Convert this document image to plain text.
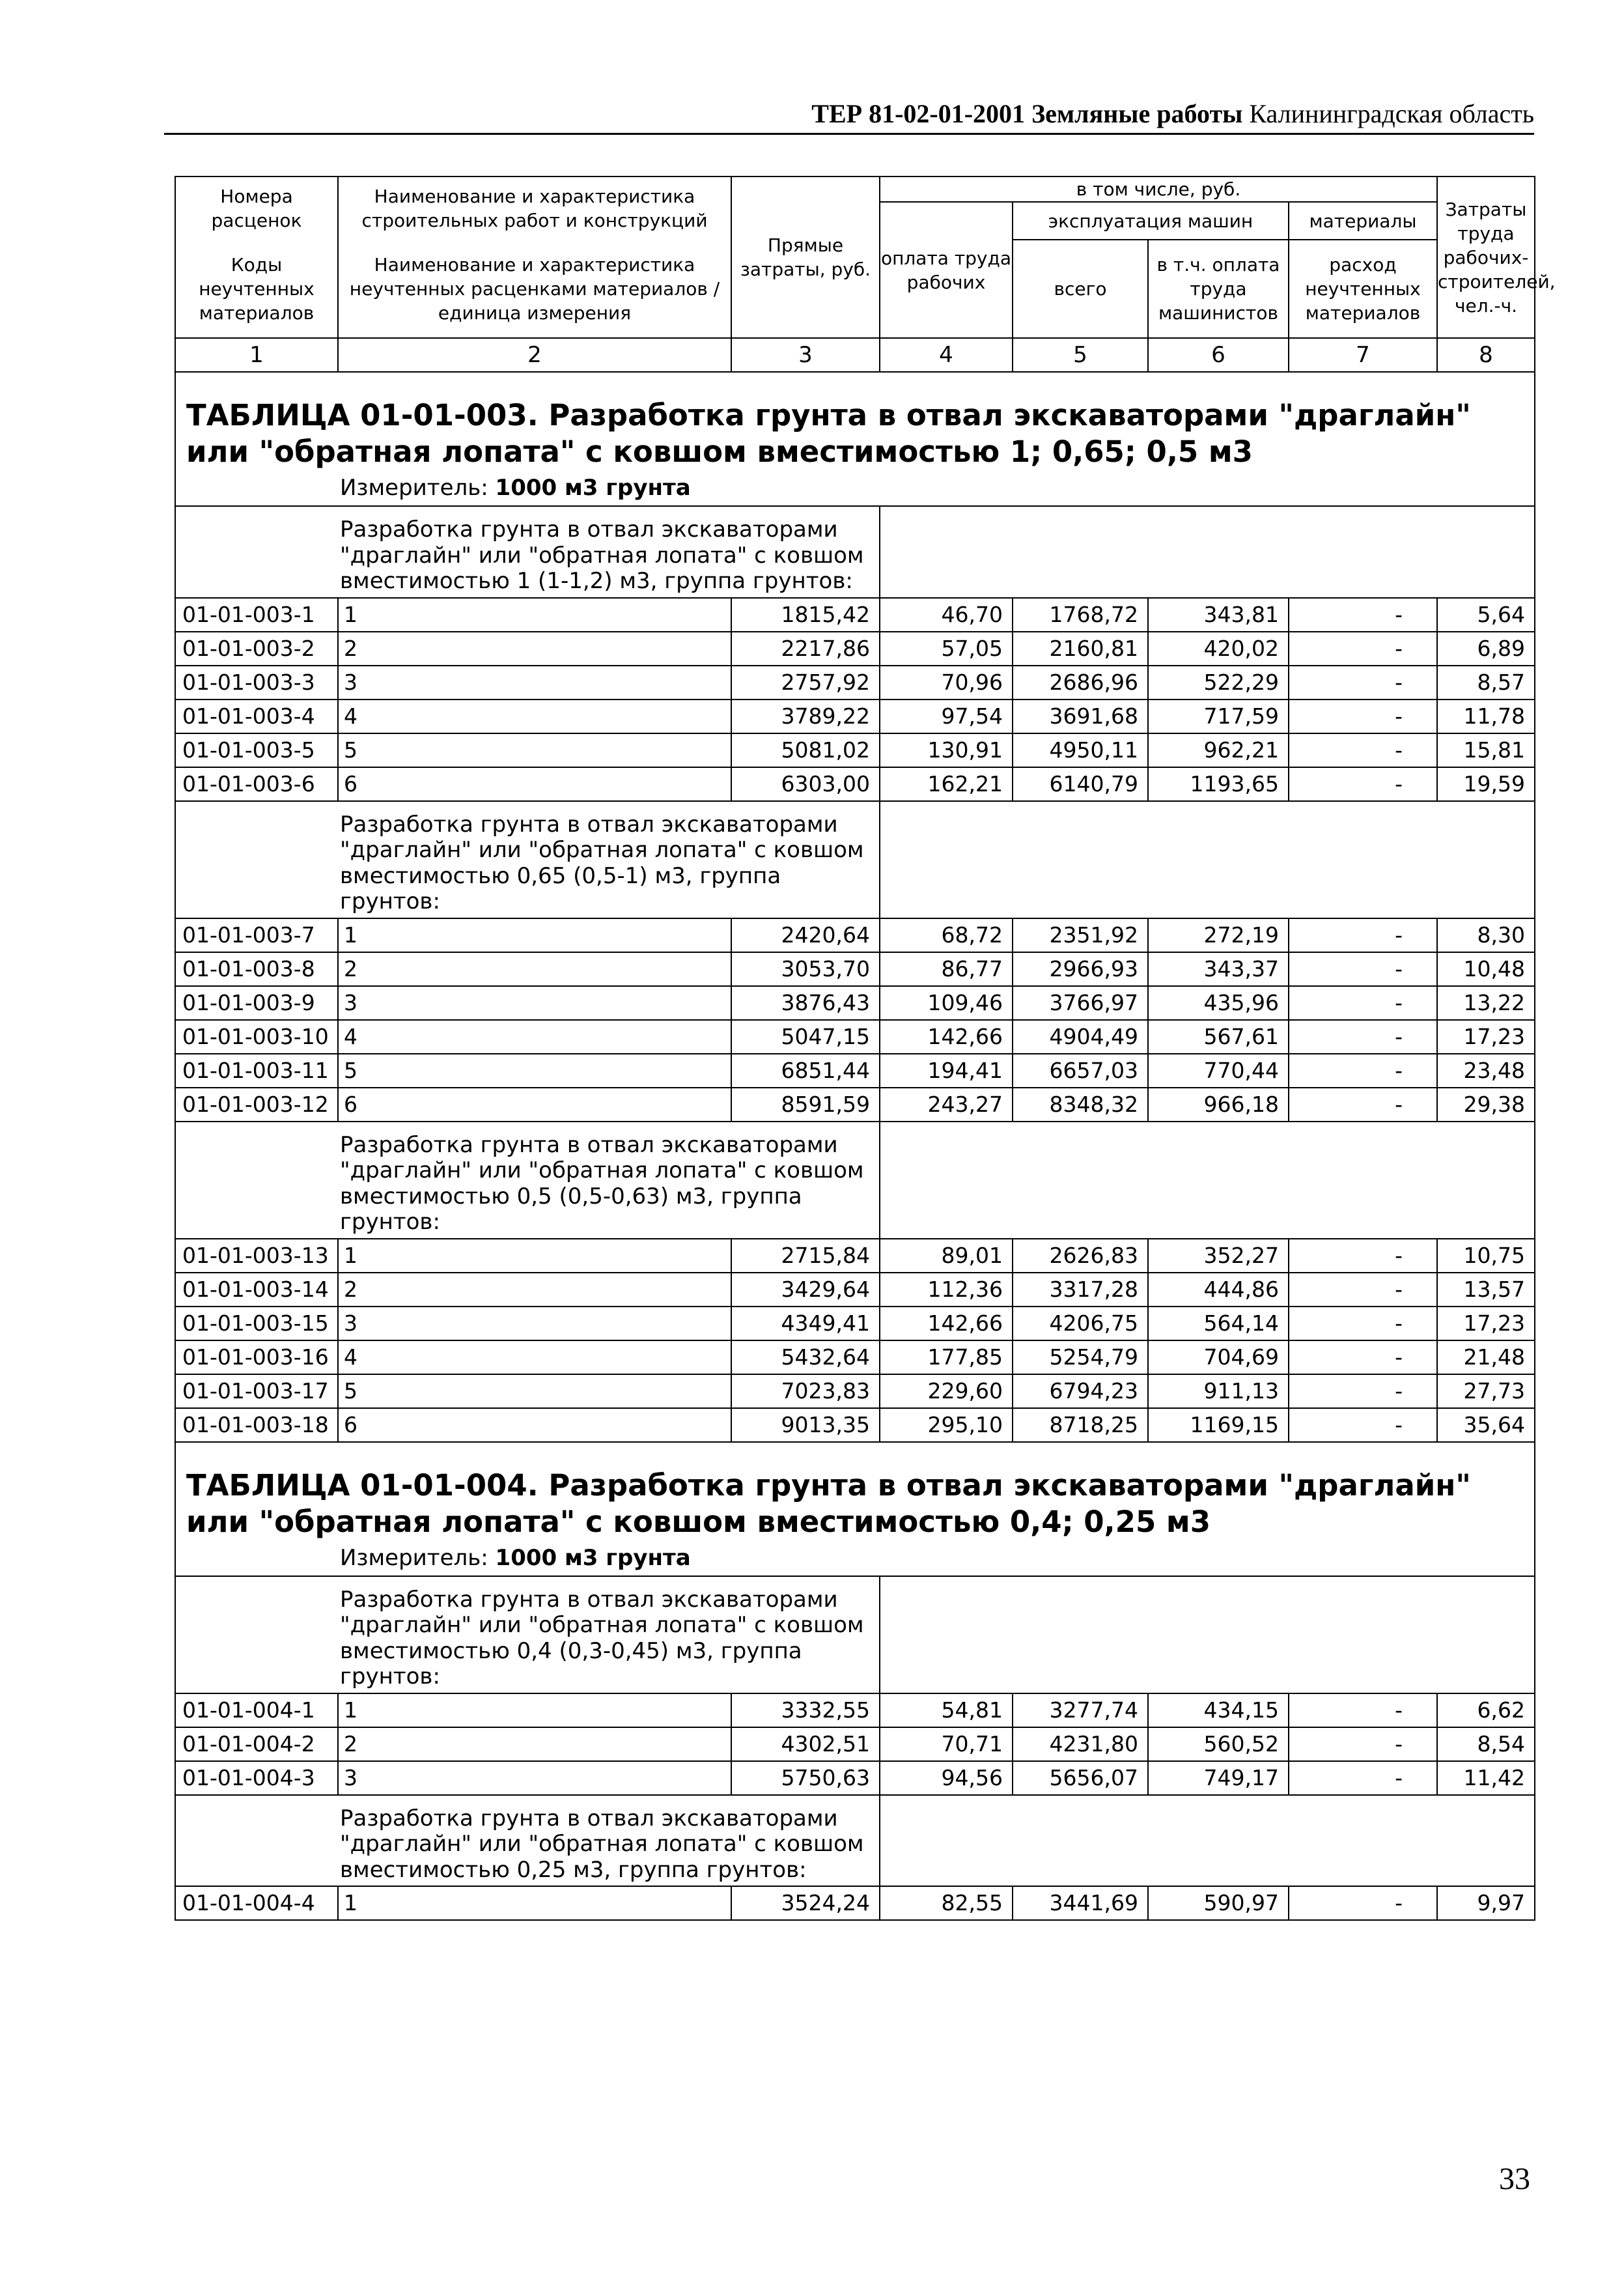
ТЕР 81-02-01-2001 Земляные работы Калининградская область
Номера расценок	Наименование и характеристика строительных работ и конструкций	Прямые затраты, руб.	в том числе, руб.				Затраты труда рабочих-строителей, чел.-ч.
			оплата труда рабочих	эксплуатация машин		материалы	
Коды неучтенных материалов	Наименование и характеристика неучтенных расценками материалов / единица измерения			всего	в т.ч. оплата труда машинистов	расход неучтенных материалов	

1	2	3	4	5	6	7	8
ТАБЛИЦА 01-01-003. Разработка грунта в отвал экскаваторами "драглайн" или "обратная лопата" с ковшом вместимостью 1; 0,65; 0,5 м3							
Измеритель: 1000 м3 грунта							
Разработка грунта в отвал экскаваторами "драглайн" или "обратная лопата" с ковшом вместимостью 1 (1-1,2) м3, группа грунтов:							
01-01-003-1	1	1815,42	46,70	1768,72	343,81	-	5,64
01-01-003-2	2	2217,86	57,05	2160,81	420,02	-	6,89
01-01-003-3	3	2757,92	70,96	2686,96	522,29	-	8,57
01-01-003-4	4	3789,22	97,54	3691,68	717,59	-	11,78
01-01-003-5	5	5081,02	130,91	4950,11	962,21	-	15,81
01-01-003-6	6	6303,00	162,21	6140,79	1193,65	-	19,59
Разработка грунта в отвал экскаваторами "драглайн" или "обратная лопата" с ковшом вместимостью 0,65 (0,5-1) м3, группа грунтов:							
01-01-003-7	1	2420,64	68,72	2351,92	272,19	-	8,30
01-01-003-8	2	3053,70	86,77	2966,93	343,37	-	10,48
01-01-003-9	3	3876,43	109,46	3766,97	435,96	-	13,22
01-01-003-10	4	5047,15	142,66	4904,49	567,61	-	17,23
01-01-003-11	5	6851,44	194,41	6657,03	770,44	-	23,48
01-01-003-12	6	8591,59	243,27	8348,32	966,18	-	29,38
Разработка грунта в отвал экскаваторами "драглайн" или "обратная лопата" с ковшом вместимостью 0,5 (0,5-0,63) м3, группа грунтов:							
01-01-003-13	1	2715,84	89,01	2626,83	352,27	-	10,75
01-01-003-14	2	3429,64	112,36	3317,28	444,86	-	13,57
01-01-003-15	3	4349,41	142,66	4206,75	564,14	-	17,23
01-01-003-16	4	5432,64	177,85	5254,79	704,69	-	21,48
01-01-003-17	5	7023,83	229,60	6794,23	911,13	-	27,73
01-01-003-18	6	9013,35	295,10	8718,25	1169,15	-	35,64
ТАБЛИЦА 01-01-004. Разработка грунта в отвал экскаваторами "драглайн" или "обратная лопата" с ковшом вместимостью 0,4; 0,25 м3							
Измеритель: 1000 м3 грунта							
Разработка грунта в отвал экскаваторами "драглайн" или "обратная лопата" с ковшом вместимостью 0,4 (0,3-0,45) м3, группа грунтов:							
01-01-004-1	1	3332,55	54,81	3277,74	434,15	-	6,62
01-01-004-2	2	4302,51	70,71	4231,80	560,52	-	8,54
01-01-004-3	3	5750,63	94,56	5656,07	749,17	-	11,42
Разработка грунта в отвал экскаваторами "драглайн" или "обратная лопата" с ковшом вместимостью 0,25 м3, группа грунтов:							
01-01-004-4	1	3524,24	82,55	3441,69	590,97	-	9,97
33
